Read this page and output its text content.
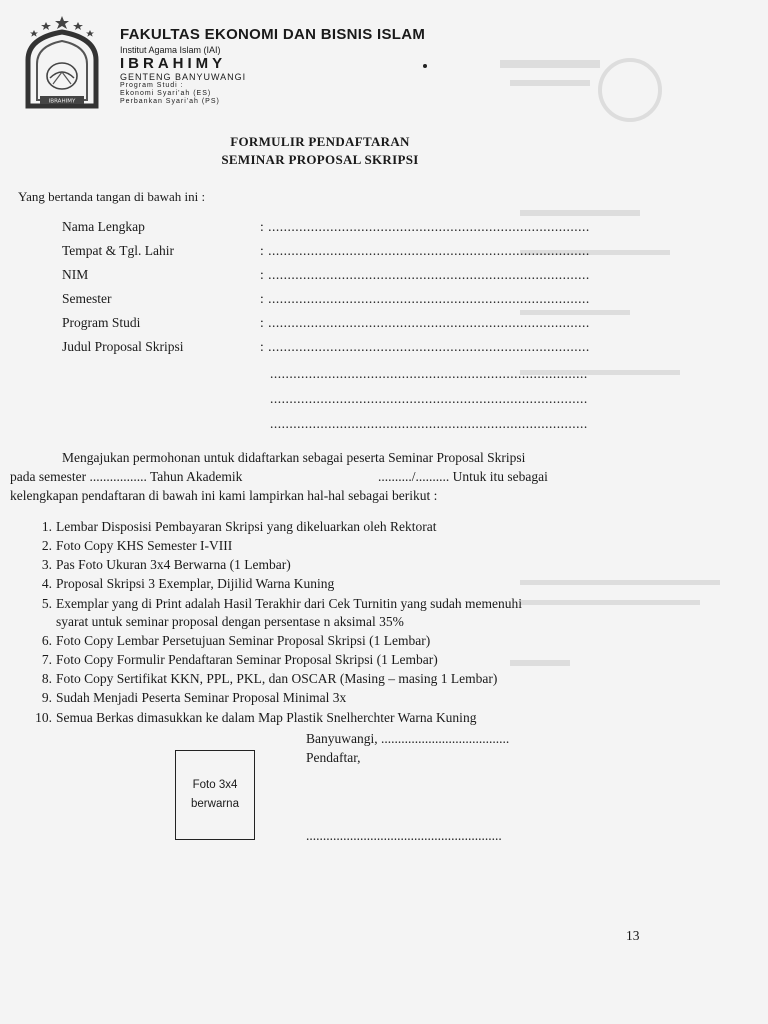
IBRAHIMY
FAKULTAS EKONOMI DAN BISNIS ISLAM
Institut Agama Islam (IAI)
IBRAHIMY
GENTENG BANYUWANGI
Program Studi :
Ekonomi Syari'ah (ES)
Perbankan Syari'ah (PS)
FORMULIR PENDAFTARAN
SEMINAR PROPOSAL SKRIPSI
Yang bertanda tangan di bawah ini :
Nama Lengkap	: ...................................................................................
Tempat & Tgl. Lahir	: ...................................................................................
NIM	: ...................................................................................
Semester	: ...................................................................................
Program Studi	: ...................................................................................
Judul Proposal Skripsi	: ...................................................................................
..................................................................................
..................................................................................
..................................................................................
Mengajukan permohonan untuk didaftarkan sebagai peserta Seminar Proposal Skripsi
pada semester ................. Tahun Akademik	........../.......... Untuk itu sebagai
kelengkapan pendaftaran di bawah ini kami lampirkan hal-hal sebagai berikut :
1. Lembar Disposisi Pembayaran Skripsi yang dikeluarkan oleh Rektorat
2. Foto Copy KHS Semester I-VIII
3. Pas Foto Ukuran 3x4 Berwarna (1 Lembar)
4. Proposal Skripsi 3 Exemplar, Dijilid Warna Kuning
5. Exemplar yang di Print adalah Hasil Terakhir dari Cek Turnitin yang sudah memenuhi
syarat untuk seminar proposal dengan persentase n aksimal 35%
6. Foto Copy Lembar Persetujuan Seminar Proposal Skripsi (1 Lembar)
7. Foto Copy Formulir Pendaftaran Seminar Proposal Skripsi (1 Lembar)
8. Foto Copy Sertifikat KKN, PPL, PKL, dan OSCAR (Masing – masing 1 Lembar)
9. Sudah Menjadi Peserta Seminar Proposal Minimal 3x
10. Semua Berkas dimasukkan ke dalam Map Plastik Snelherchter Warna Kuning
Banyuwangi, ......................................
Pendaftar,
..........................................................
Foto 3x4
berwarna
13
